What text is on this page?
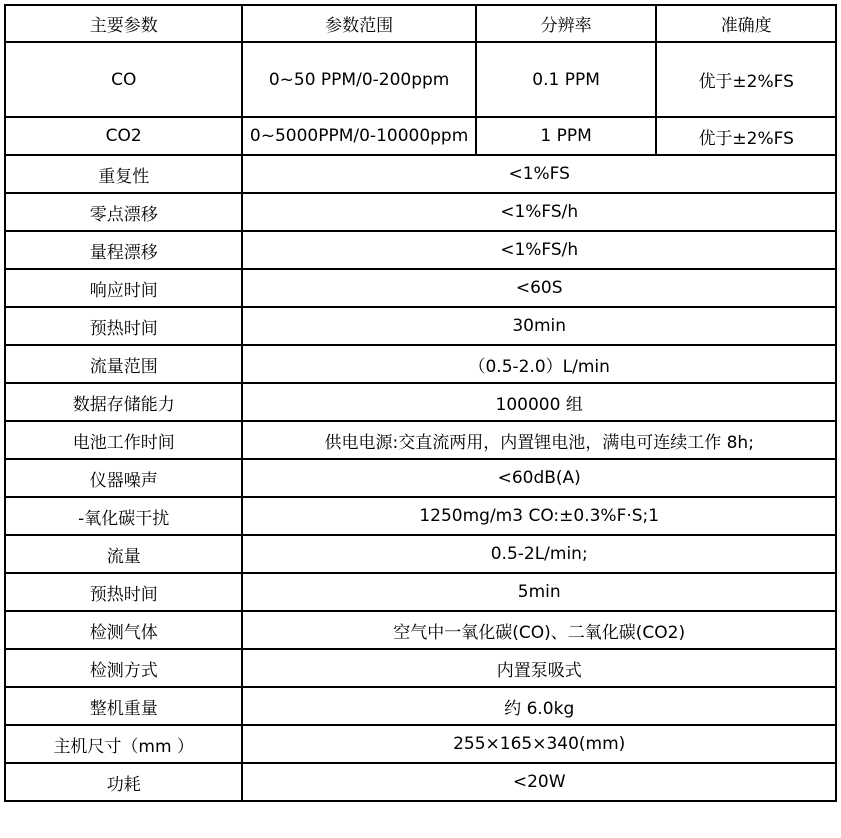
主要参数	参数范围	分辨率	准确度
CO	0~50 PPM/0-200ppm	0.1 PPM	优于±2%FS
CO2	0~5000PPM/0-10000ppm	1 PPM	优于±2%FS
重复性	<1%FS		
零点漂移	<1%FS/h		
量程漂移	<1%FS/h		
响应时间	<60S		
预热时间	30min		
流量范围	（0.5-2.0）L/min		
数据存储能力	100000 组		
电池工作时间	供电电源:交直流两用，内置锂电池，满电可连续工作 8h;		
仪器噪声	<60dB(A)		
-氧化碳干扰	1250mg/m3 CO:±0.3%F·S;1		
流量	0.5-2L/min;		
预热时间	5min		
检测气体	空气中一氧化碳(CO)、二氧化碳(CO2)		
检测方式	内置泵吸式		
整机重量	约 6.0kg		
主机尺寸（mm ）	255×165×340(mm)		
功耗	<20W		
